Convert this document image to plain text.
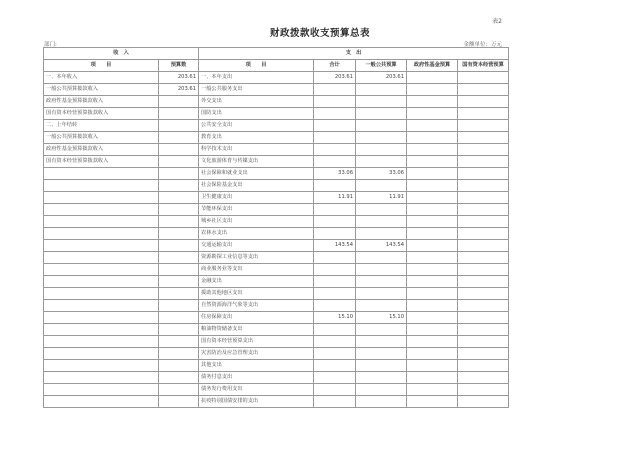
表2
财政拨款收支预算总表
部门:	金额单位：万元
收　入		支　出				
项　　目	预算数	项　　目	合计	一般公共预算	政府性基金预算	国有资本经营预算
一、本年收入	203.61	一、本年支出	203.61	203.61		
一般公共预算拨款收入	203.61	一般公共服务支出				
政府性基金预算拨款收入		外交支出				
国有资本经营预算拨款收入		国防支出				
二、上年结转		公共安全支出				
一般公共预算拨款收入		教育支出				
政府性基金预算拨款收入		科学技术支出				
国有资本经营预算拨款收入		文化旅游体育与传媒支出				
		社会保障和就业支出	33.06	33.06		
		社会保险基金支出				
		卫生健康支出	11.91	11.91		
		节能环保支出				
		城乡社区支出				
		农林水支出				
		交通运输支出	143.54	143.54		
		资源勘探工业信息等支出				
		商业服务业等支出				
		金融支出				
		援助其他地区支出				
		自然资源海洋气象等支出				
		住房保障支出	15.10	15.10		
		粮油物资储备支出				
		国有资本经营预算支出				
		灾害防治及应急管理支出				
		其他支出				
		债务付息支出				
		债务发行费用支出				
		抗疫特别国债安排的支出				
